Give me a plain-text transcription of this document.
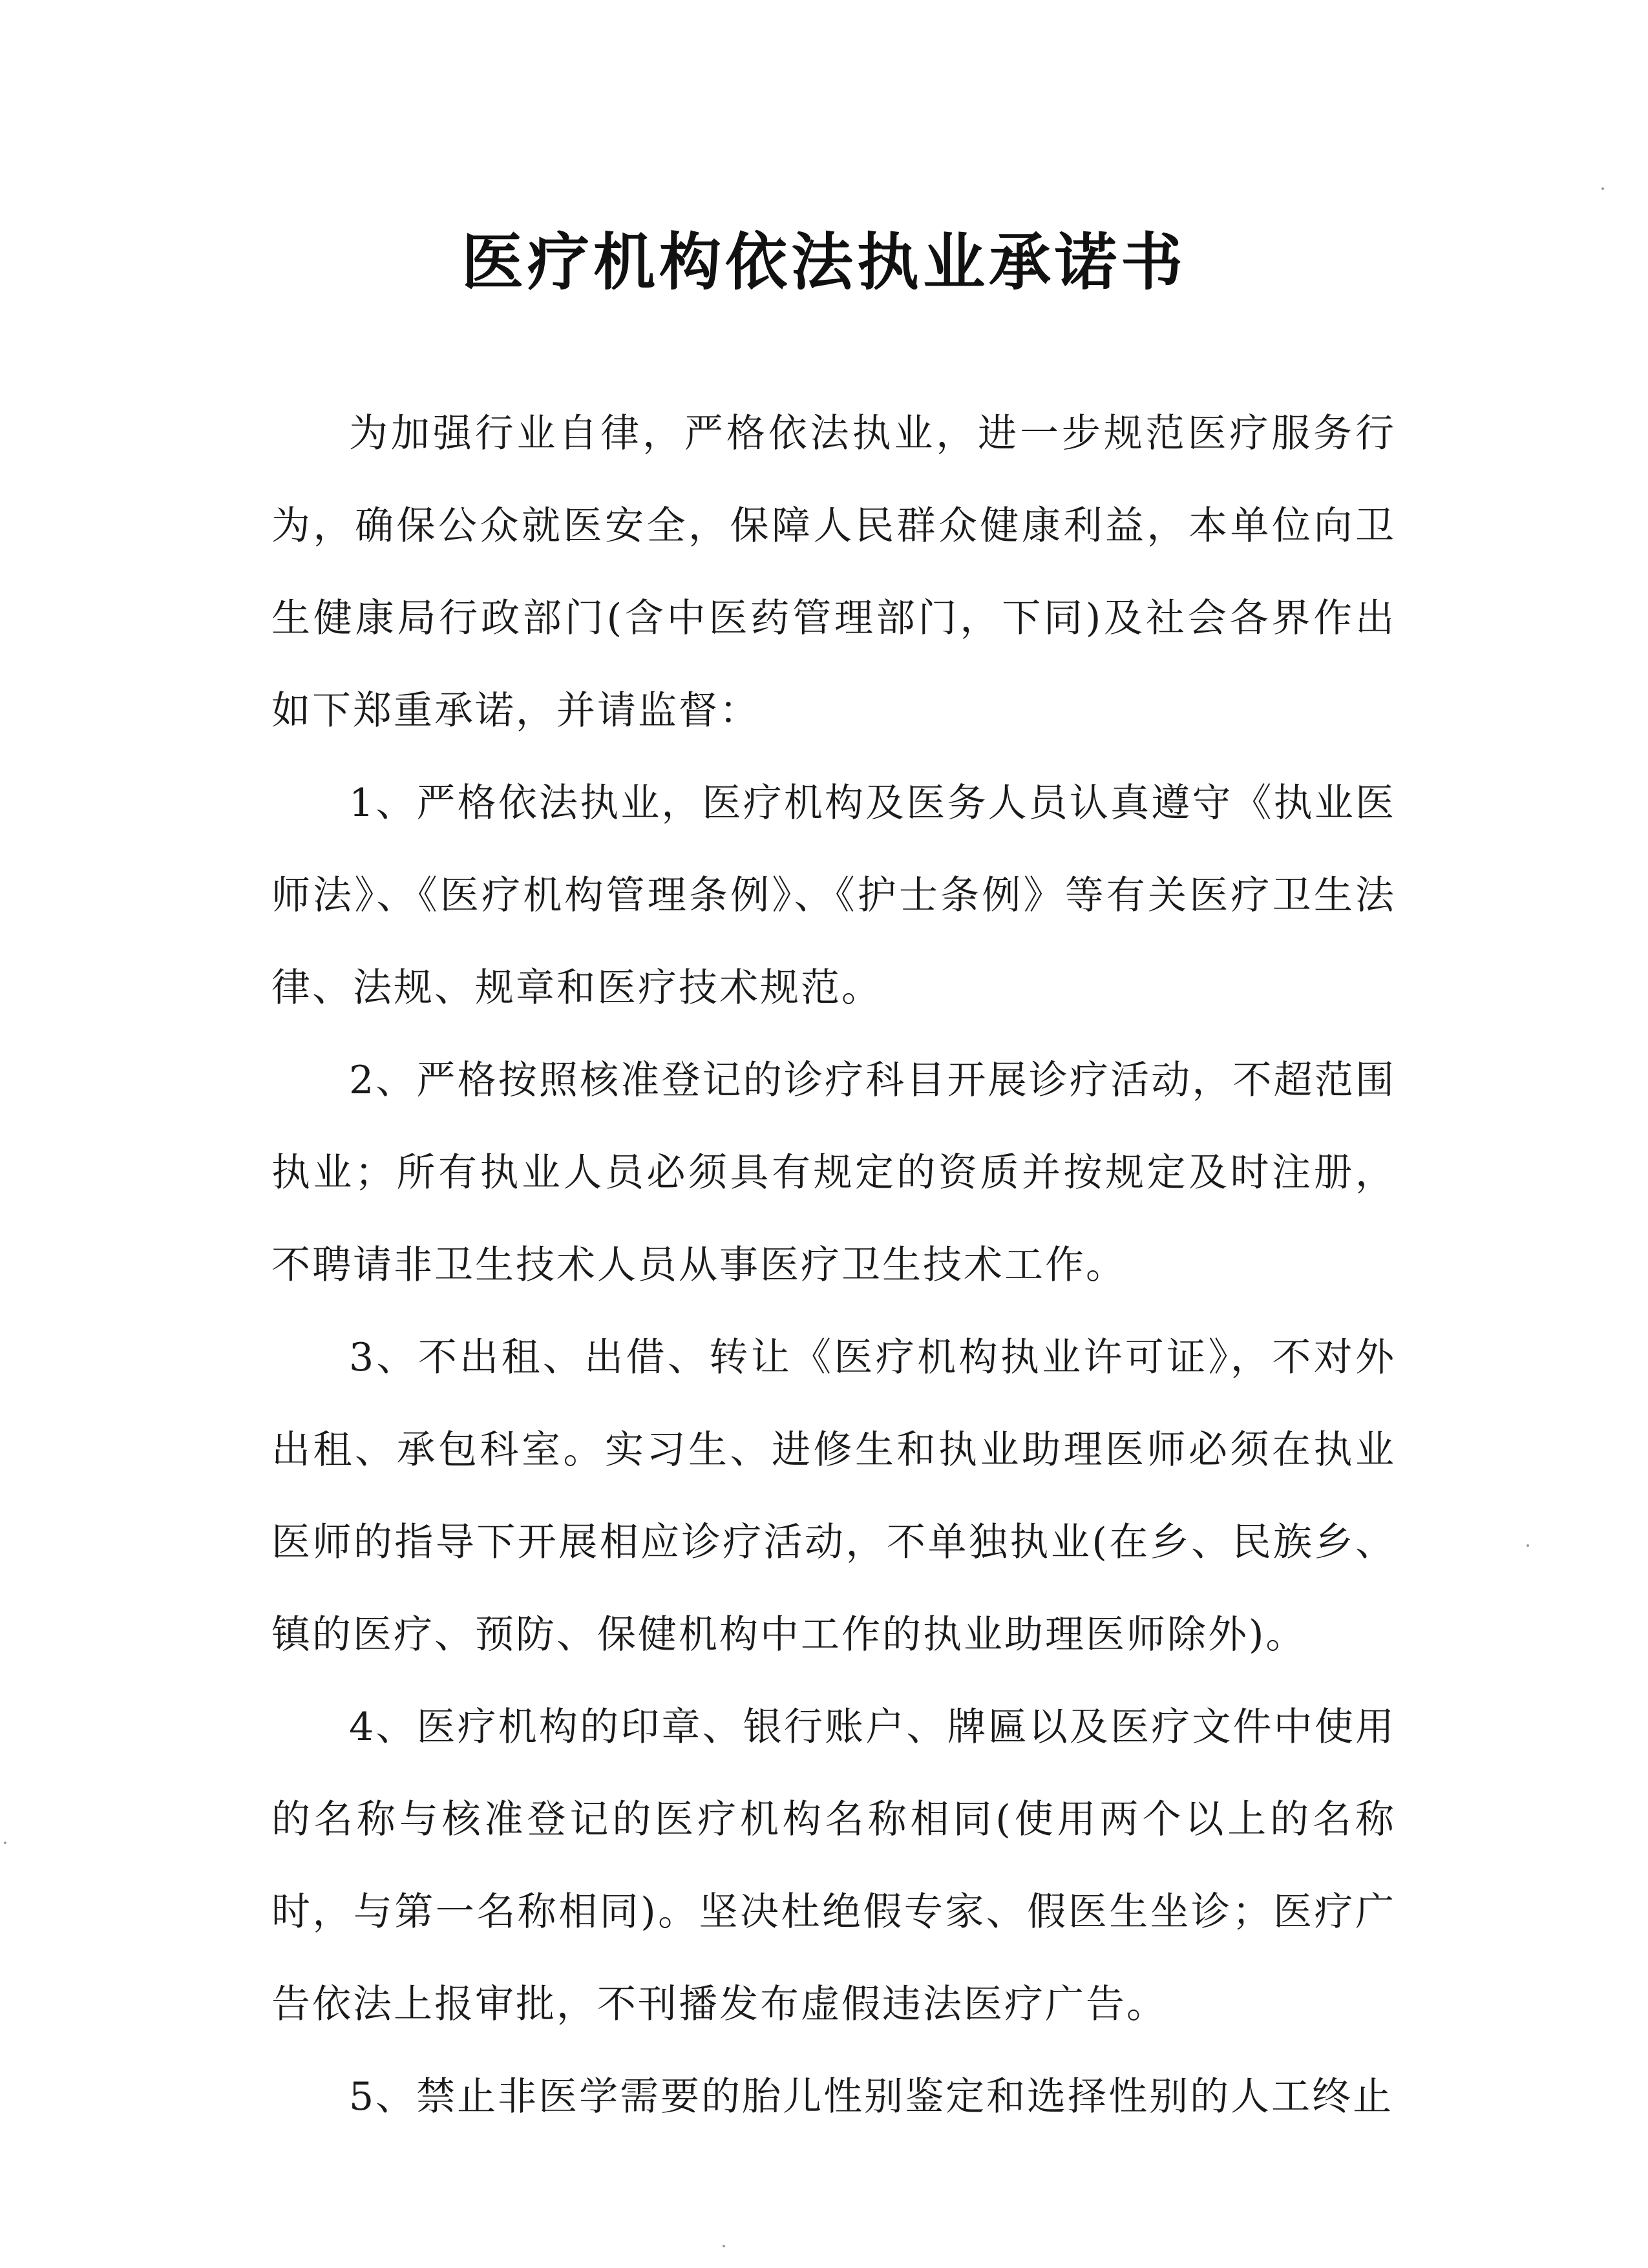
医疗机构依法执业承诺书

为加强行业自律，严格依法执业，进一步规范医疗服务行为，确保公众就医安全，保障人民群众健康利益，本单位向卫生健康局行政部门(含中医药管理部门，下同)及社会各界作出如下郑重承诺，并请监督：

1、严格依法执业，医疗机构及医务人员认真遵守《执业医师法》、《医疗机构管理条例》、《护士条例》等有关医疗卫生法律、法规、规章和医疗技术规范。

2、严格按照核准登记的诊疗科目开展诊疗活动，不超范围执业；所有执业人员必须具有规定的资质并按规定及时注册，不聘请非卫生技术人员从事医疗卫生技术工作。

3、不出租、出借、转让《医疗机构执业许可证》，不对外出租、承包科室。实习生、进修生和执业助理医师必须在执业医师的指导下开展相应诊疗活动，不单独执业(在乡、民族乡、镇的医疗、预防、保健机构中工作的执业助理医师除外)。

4、医疗机构的印章、银行账户、牌匾以及医疗文件中使用的名称与核准登记的医疗机构名称相同(使用两个以上的名称时，与第一名称相同)。坚决杜绝假专家、假医生坐诊；医疗广告依法上报审批，不刊播发布虚假违法医疗广告。

5、禁止非医学需要的胎儿性别鉴定和选择性别的人工终止
